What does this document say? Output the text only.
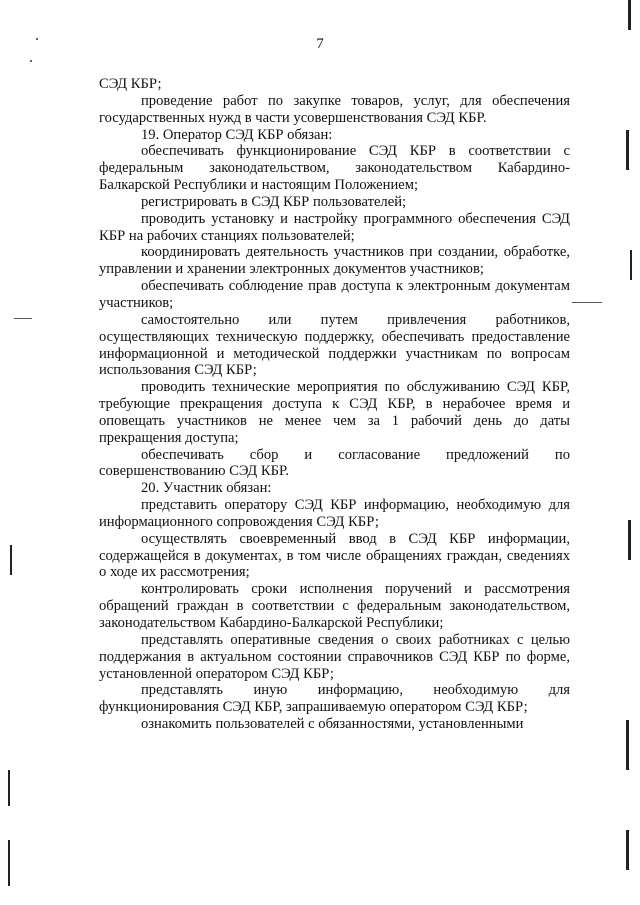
7

СЭД КБР;

проведение работ по закупке товаров, услуг, для обеспечения государственных нужд в части усовершенствования СЭД КБР.

19. Оператор СЭД КБР обязан:

обеспечивать функционирование СЭД КБР в соответствии с федеральным законодательством, законодательством Кабардино-Балкарской Республики и настоящим Положением;

регистрировать в СЭД КБР пользователей;

проводить установку и настройку программного обеспечения СЭД КБР на рабочих станциях пользователей;

координировать деятельность участников при создании, обработке, управлении и хранении электронных документов участников;

обеспечивать соблюдение прав доступа к электронным документам участников;

самостоятельно или путем привлечения работников, осуществляющих техническую поддержку, обеспечивать предоставление информационной и методической поддержки участникам по вопросам использования СЭД КБР;

проводить технические мероприятия по обслуживанию СЭД КБР, требующие прекращения доступа к СЭД КБР, в нерабочее время и оповещать участников не менее чем за 1 рабочий день до даты прекращения доступа;

обеспечивать сбор и согласование предложений по совершенствованию СЭД КБР.

20. Участник обязан:

представить оператору СЭД КБР информацию, необходимую для информационного сопровождения СЭД КБР;

осуществлять своевременный ввод в СЭД КБР информации, содержащейся в документах, в том числе обращениях граждан, сведениях о ходе их рассмотрения;

контролировать сроки исполнения поручений и рассмотрения обращений граждан в соответствии с федеральным законодательством, законодательством Кабардино-Балкарской Республики;

представлять оперативные сведения о своих работниках с целью поддержания в актуальном состоянии справочников СЭД КБР по форме, установленной оператором СЭД КБР;

представлять иную информацию, необходимую для функционирования СЭД КБР, запрашиваемую оператором СЭД КБР;

ознакомить пользователей с обязанностями, установленными
